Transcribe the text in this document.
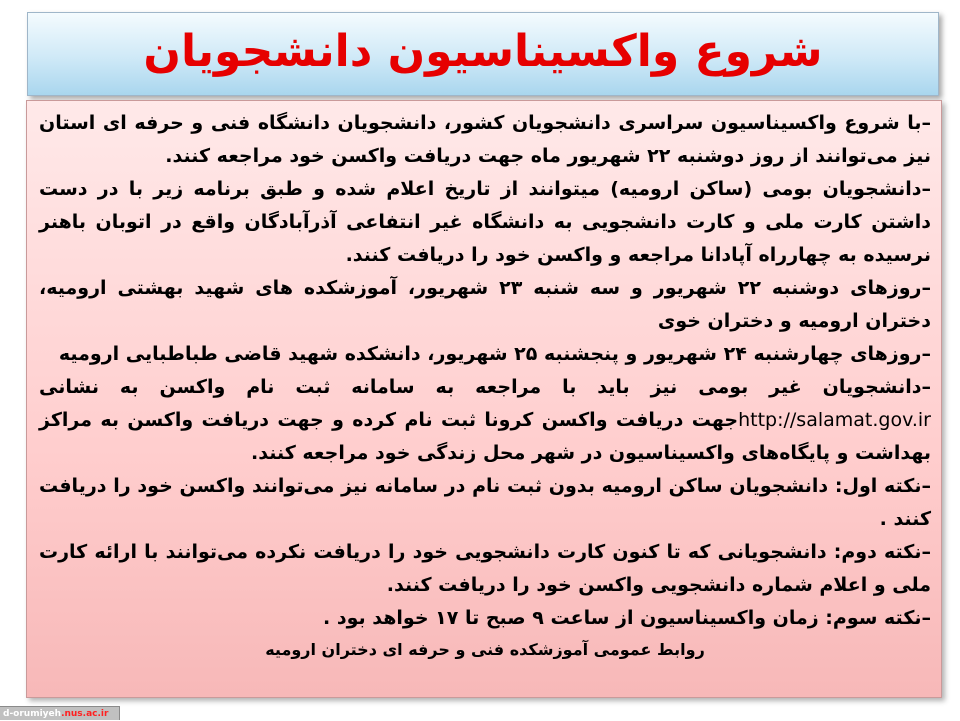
شروع واکسیناسیون دانشجویان

–با شروع واکسیناسیون سراسری دانشجویان کشور، دانشجویان دانشگاه فنی و حرفه ای استان نیز می‌توانند از روز دوشنبه ۲۲ شهریور ماه جهت دریافت واکسن خود مراجعه کنند.

–دانشجویان بومی (ساکن ارومیه) میتوانند از تاریخ اعلام شده و طبق برنامه زیر با در دست داشتن کارت ملی و کارت دانشجویی به دانشگاه غیر انتفاعی آذرآبادگان واقع در اتوبان باهنر نرسیده به چهارراه آپادانا مراجعه و واکسن خود را دریافت کنند.

–روزهای دوشنبه ۲۲ شهریور و سه شنبه ۲۳ شهریور، آموزشکده های شهید بهشتی ارومیه، دختران ارومیه و دختران خوی

–روزهای چهارشنبه ۲۴ شهریور و پنجشنبه ۲۵ شهریور، دانشکده شهید قاضی طباطبایی ارومیه

–دانشجویان غیر بومی نیز باید با مراجعه به سامانه ثبت نام واکسن به نشانی http://salamat.gov.irجهت دریافت واکسن کرونا ثبت نام کرده و جهت دریافت واکسن به مراکز بهداشت و پایگاه‌های واکسیناسیون در شهر محل زندگی خود مراجعه کنند.

–نکته اول: دانشجویان ساکن ارومیه بدون ثبت نام در سامانه نیز می‌توانند واکسن خود را دریافت کنند .

–نکته دوم: دانشجویانی که تا کنون کارت دانشجویی خود را دریافت نکرده می‌توانند با ارائه کارت ملی و اعلام شماره دانشجویی واکسن خود را دریافت کنند.

–نکته سوم: زمان واکسیناسیون از ساعت ۹ صبح تا ۱۷ خواهد بود .

روابط عمومی آموزشکده فنی و حرفه ای دختران ارومیه
d-orumiyeh.nus.ac.ir
